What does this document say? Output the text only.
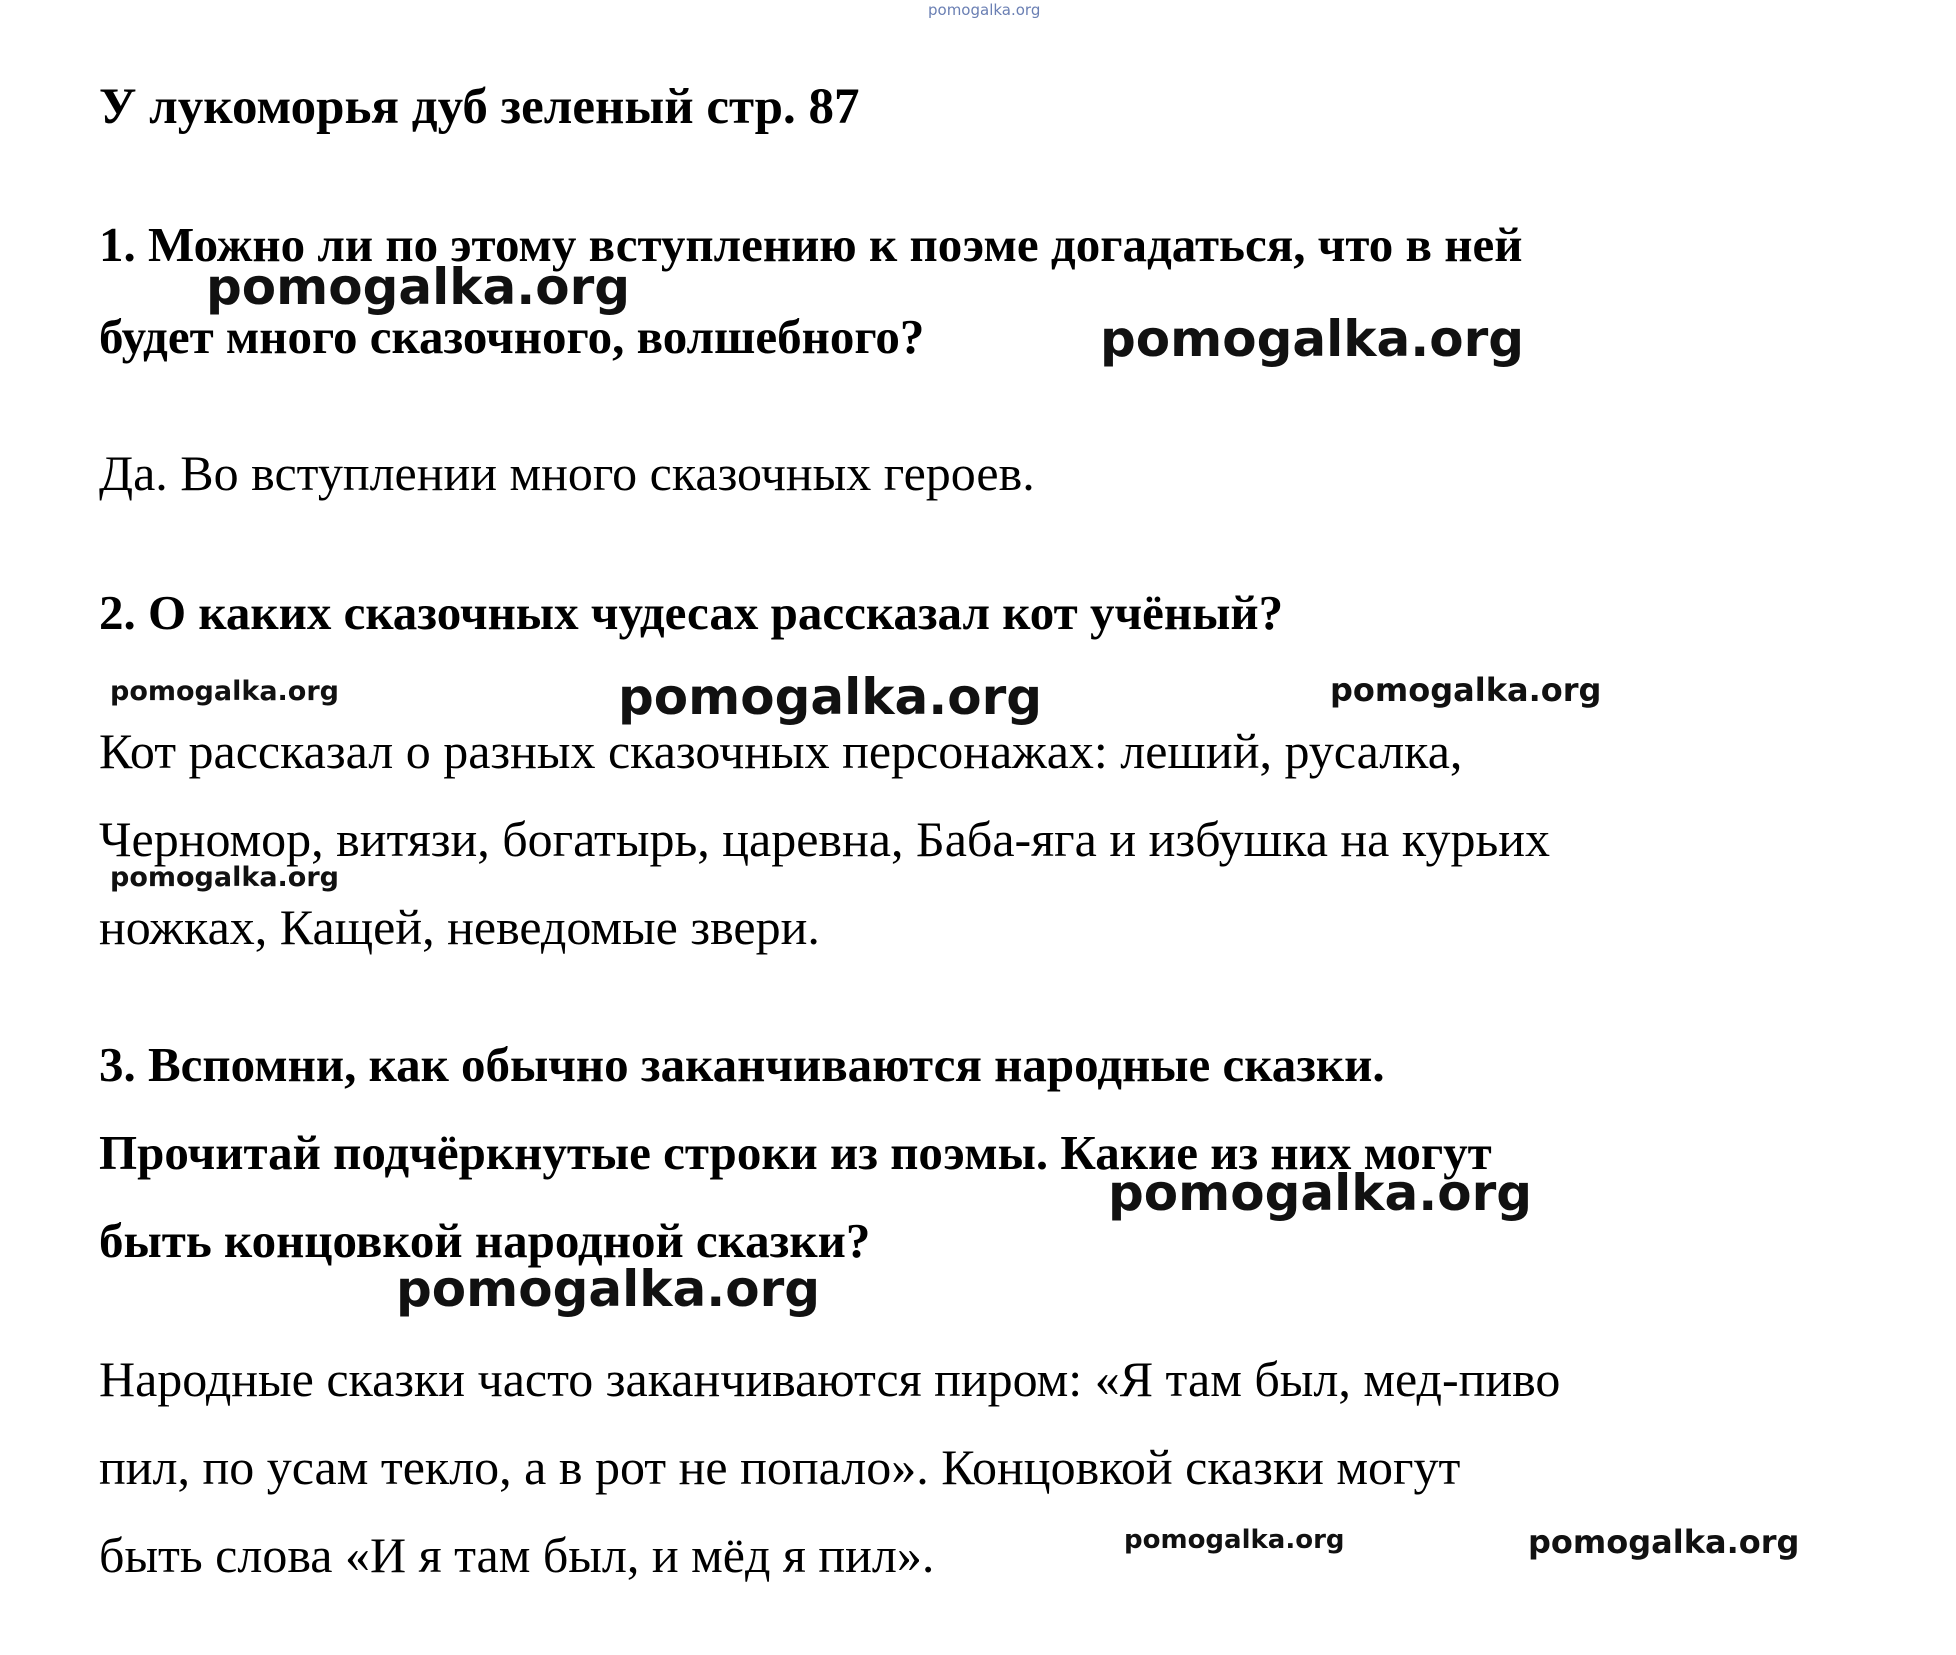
pomogalka.org
У лукоморья дуб зеленый стр. 87
1. Можно ли по этому вступлению к поэме догадаться, что в ней
будет много сказочного, волшебного?
Да. Во вступлении много сказочных героев.
2. О каких сказочных чудесах рассказал кот учёный?
Кот рассказал о разных сказочных персонажах: леший, русалка,
Черномор, витязи, богатырь, царевна, Баба-яга и избушка на курьих
ножках, Кащей, неведомые звери.
3. Вспомни, как обычно заканчиваются народные сказки.
Прочитай подчёркнутые строки из поэмы. Какие из них могут
быть концовкой народной сказки?
Народные сказки часто заканчиваются пиром: «Я там был, мед-пиво
пил, по усам текло, а в рот не попало». Концовкой сказки могут
быть слова «И я там был, и мёд я пил».
pomogalka.org
pomogalka.org
pomogalka.org	pomogalka.org	pomogalka.org
pomogalka.org
pomogalka.org
pomogalka.org
pomogalka.org	pomogalka.org
